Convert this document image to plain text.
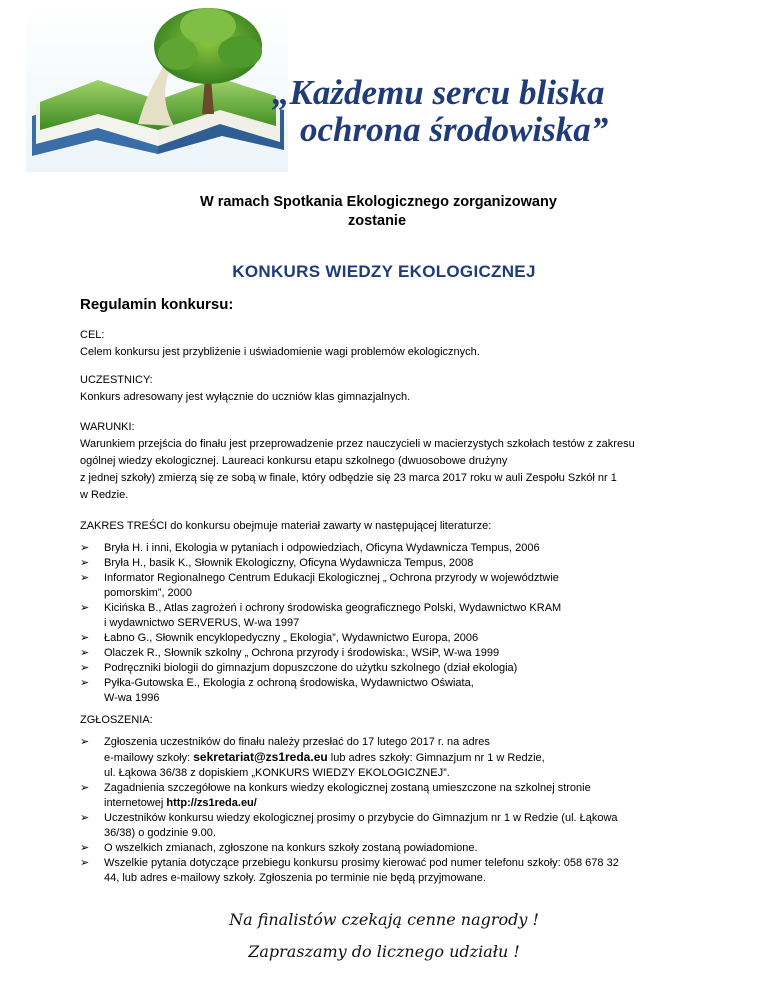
„Każdemu sercu bliska
ochrona środowiska”
W ramach Spotkania Ekologicznego zorganizowany
zostanie
KONKURS WIEDZY EKOLOGICZNEJ
Regulamin konkursu:
CEL:
Celem konkursu jest przybliżenie i uświadomienie wagi problemów ekologicznych.
UCZESTNICY:
Konkurs adresowany jest wyłącznie do uczniów klas gimnazjalnych.
WARUNKI:
Warunkiem przejścia do finału jest przeprowadzenie przez nauczycieli w macierzystych szkołach testów z zakresu
ogólnej wiedzy ekologicznej. Laureaci konkursu etapu szkolnego (dwuosobowe drużyny
z jednej szkoły) zmierzą się ze sobą w finale, który odbędzie się 23 marca 2017 roku w auli Zespołu Szkół nr 1
w Redzie.
ZAKRES TREŚCI do konkursu obejmuje materiał zawarty w następującej literaturze:
➢ Bryła H. i inni, Ekologia w pytaniach i odpowiedziach, Oficyna Wydawnicza Tempus, 2006
➢ Bryła H., basik K., Słownik Ekologiczny, Oficyna Wydawnicza Tempus, 2008
➢ Informator Regionalnego Centrum Edukacji Ekologicznej „ Ochrona przyrody w województwie
pomorskim”, 2000
➢ Kicińska B., Atlas zagrożeń i ochrony środowiska geograficznego Polski, Wydawnictwo KRAM
i wydawnictwo SERVERUS, W-wa 1997
➢ Łabno G., Słownik encyklopedyczny „ Ekologia”, Wydawnictwo Europa, 2006
➢ Olaczek R., Słownik szkolny „ Ochrona przyrody i środowiska:, WSiP, W-wa 1999
➢ Podręczniki biologii do gimnazjum dopuszczone do użytku szkolnego (dział ekologia)
➢ Pyłka-Gutowska E., Ekologia z ochroną środowiska, Wydawnictwo Oświata,
W-wa 1996
ZGŁOSZENIA:
➢ Zgłoszenia uczestników do finału należy przesłać do 17 lutego 2017 r. na adres
e-mailowy szkoły: sekretariat@zs1reda.eu lub adres szkoły: Gimnazjum nr 1 w Redzie,
ul. Łąkowa 36/38 z dopiskiem „KONKURS WIEDZY EKOLOGICZNEJ”.
➢ Zagadnienia szczegółowe na konkurs wiedzy ekologicznej zostaną umieszczone na szkolnej stronie
internetowej http://zs1reda.eu/
➢ Uczestników konkursu wiedzy ekologicznej prosimy o przybycie do Gimnazjum nr 1 w Redzie (ul. Łąkowa
36/38) o godzinie 9.00.
➢ O wszelkich zmianach, zgłoszone na konkurs szkoły zostaną powiadomione.
➢ Wszelkie pytania dotyczące przebiegu konkursu prosimy kierować pod numer telefonu szkoły: 058 678 32
44, lub adres e-mailowy szkoły. Zgłoszenia po terminie nie będą przyjmowane.
Na finalistów czekają cenne nagrody !
Zapraszamy do licznego udziału !
